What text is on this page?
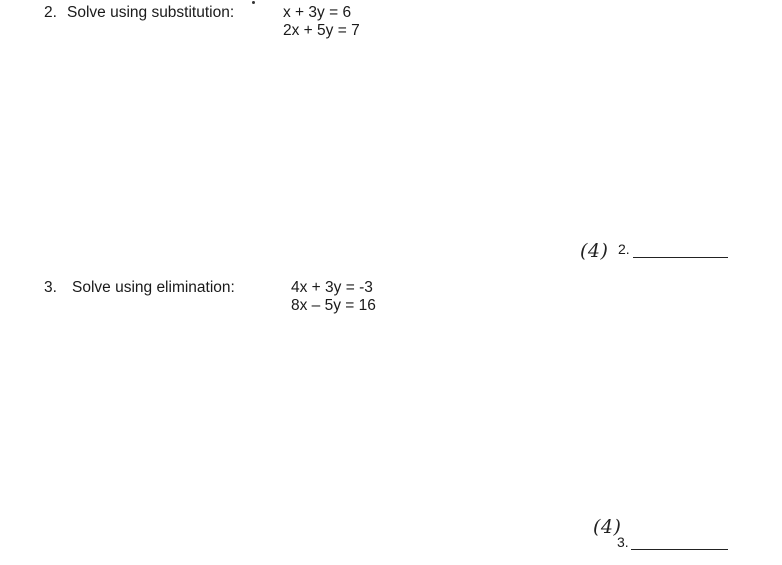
2. Solve using substitution:	x + 3y = 6
2x + 5y = 7
(4) 2.
3. Solve using elimination:	4x + 3y = -3
8x – 5y = 16
(4)
3.
